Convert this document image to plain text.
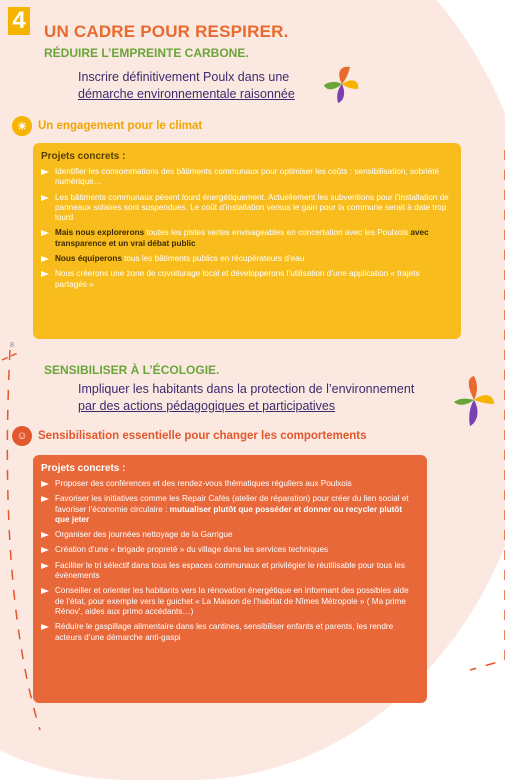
4 UN CADRE POUR RESPIRER.
RÉDUIRE L’EMPREINTE CARBONE.
Inscrire définitivement Poulx dans une
démarche environnementale raisonnée
☀ Un engagement pour le climat
Projets concrets :
Identifier les consommations des bâtiments communaux pour optimiser les coûts : sensibilisation, sobriété numérique…
Les bâtiments communaux pèsent lourd énergétiquement. Actuellement les subventions pour l’installation de panneaux solaires sont suspendues. Le coût d’installation versus le gain pour la commune serait à date trop lourd
Mais nous explorerons toutes les pistes vertes envisageables en concertation avec les Poulxois avec transparence et un vrai débat public
Nous équiperons tous les bâtiments publics en récupérateurs d’eau
Nous créerons une zone de covoiturage local et développerons l’utilisation d’une application « trajets partagés »
8
SENSIBILISER À L’ÉCOLOGIE.
Impliquer les habitants dans la protection de l’environnement
par des actions pédagogiques et participatives
☺ Sensibilisation essentielle pour changer les comportements
Projets concrets :
Proposer des conférences et des rendez-vous thématiques réguliers aux Poulxois
Favoriser les initiatives comme les Repair Cafés (atelier de réparation) pour créer du lien social et favoriser l’économie circulaire : mutualiser plutôt que posséder et donner ou recycler plutôt que jeter
Organiser des journées nettoyage de la Garrigue
Création d’une « brigade propreté » du village dans les services techniques
Faciliter le tri sélectif dans tous les espaces communaux et privilégier le réutilisable pour tous les évènements
Conseiller et orienter les habitants vers la rénovation énergétique en informant des possibles aide de l’état, pour exemple vers le guichet « La Maison de l’habitat de Nîmes Métropole » ( Ma prime Rénov’, aides aux primo accédants…)
Réduire le gaspillage alimentaire dans les cantines, sensibiliser enfants et parents, les rendre acteurs d’une démarche anti-gaspi
